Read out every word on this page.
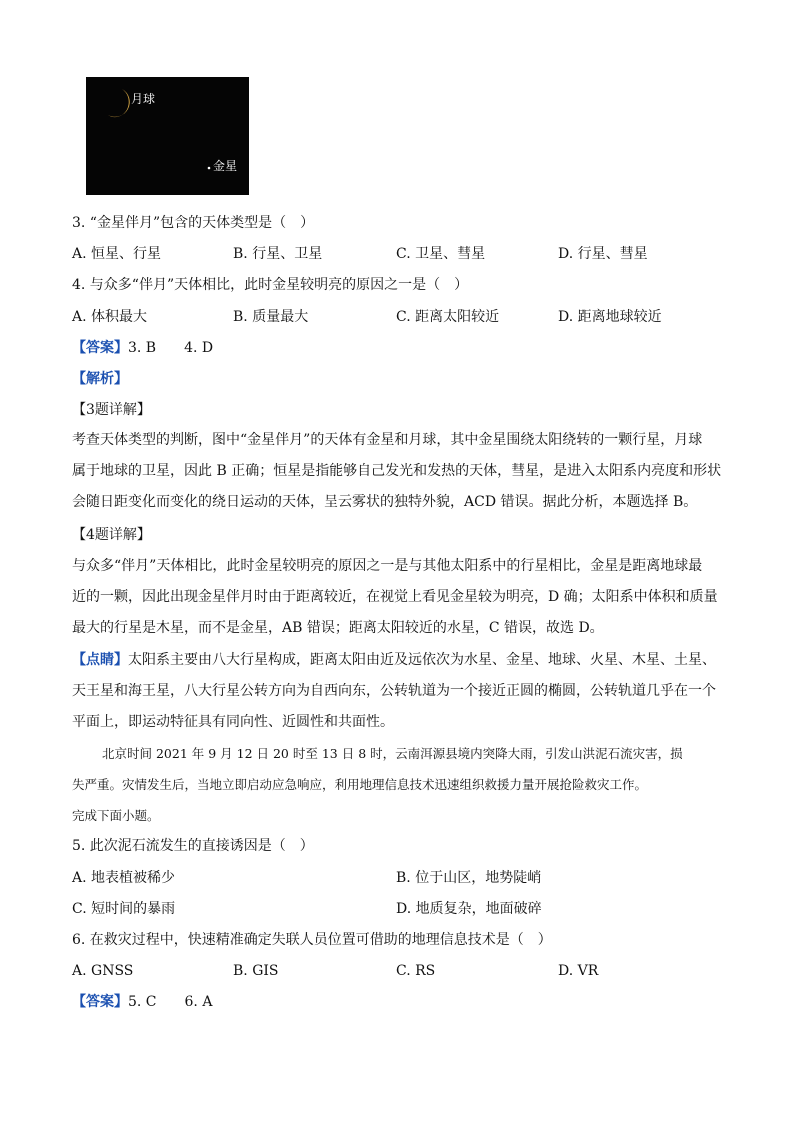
月球
金星
3. “金星伴月”包含的天体类型是（　）
A. 恒星、行星	B. 行星、卫星	C. 卫星、彗星	D. 行星、彗星
4. 与众多“伴月”天体相比，此时金星较明亮的原因之一是（　）
A. 体积最大	B. 质量最大	C. 距离太阳较近	D. 距离地球较近
【答案】3. B　　4. D
【解析】
【3题详解】

考查天体类型的判断，图中“金星伴月”的天体有金星和月球，其中金星围绕太阳绕转的一颗行星，月球

属于地球的卫星，因此 B 正确；恒星是指能够自己发光和发热的天体，彗星，是进入太阳系内亮度和形状

会随日距变化而变化的绕日运动的天体，呈云雾状的独特外貌，ACD 错误。据此分析，本题选择 B。

【4题详解】

与众多“伴月”天体相比，此时金星较明亮的原因之一是与其他太阳系中的行星相比，金星是距离地球最

近的一颗，因此出现金星伴月时由于距离较近，在视觉上看见金星较为明亮，D 确；太阳系中体积和质量

最大的行星是木星，而不是金星，AB 错误；距离太阳较近的水星，C 错误，故选 D。

【点睛】太阳系主要由八大行星构成，距离太阳由近及远依次为水星、金星、地球、火星、木星、土星、

天王星和海王星，八大行星公转方向为自西向东，公转轨道为一个接近正圆的椭圆，公转轨道几乎在一个

平面上，即运动特征具有同向性、近圆性和共面性。

北京时间 2021 年 9 月 12 日 20 时至 13 日 8 时，云南洱源县境内突降大雨，引发山洪泥石流灾害，损

失严重。灾情发生后，当地立即启动应急响应，利用地理信息技术迅速组织救援力量开展抢险救灾工作。

完成下面小题。

5. 此次泥石流发生的直接诱因是（　）
A. 地表植被稀少	B. 位于山区，地势陡峭
C. 短时间的暴雨	D. 地质复杂，地面破碎
6. 在救灾过程中，快速精准确定失联人员位置可借助的地理信息技术是（　）
A. GNSS	B. GIS	C. RS	D. VR
【答案】5. C　　6. A
